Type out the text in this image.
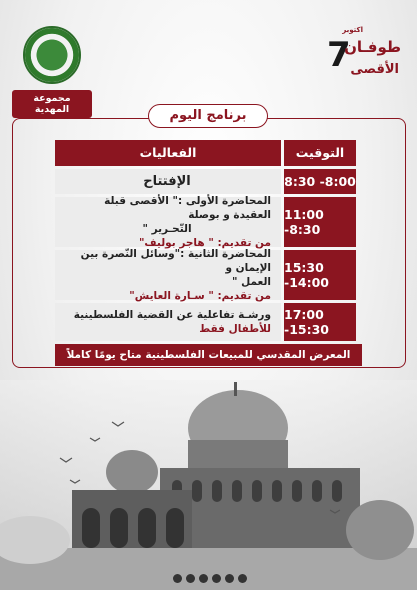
مجموعة المهدية
اكتوبر
7
طوفـان
الأقصى
برنامج اليوم
التوقيت
الفعاليات
8:30 -8:00
الإفتتاح
11:00 -8:30
المحاضرة الأولى :" الأقصى قبلة العقيدة و بوصلة
التّحـرير "
من تقديم: " هاجر بوليف"
15:30 -14:00
المحاضرة الثانية :"وسائل النّصرة بين الإيمان و
العمل "
من تقديم: " سـارة العايش"
17:00 -15:30
ورشـة تفاعلية عن القضية الفلسطينية
للأطفال فقط
المعرض المقدسي للمبيعات الفلسطينية متاح يومًا كاملاً
